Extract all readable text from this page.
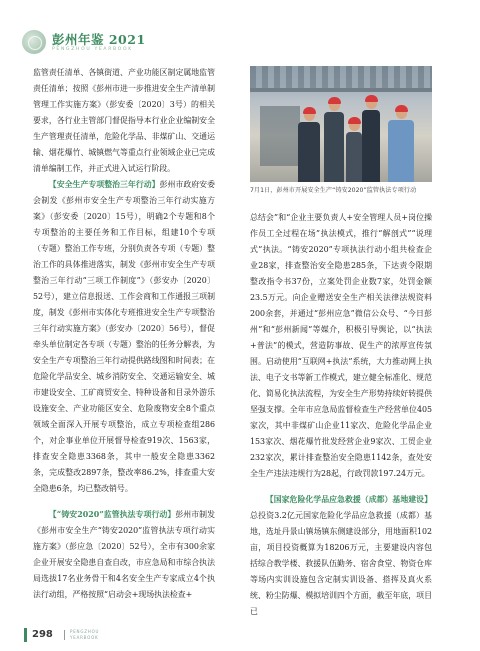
彭州年鉴 2021
PENGZHOU YEARBOOK

监管责任清单、各镇街道、产业功能区制定属地监管责任清单；按照《彭州市进一步推进安全生产清单制管理工作实施方案》（彭安委〔2020〕3号）的相关要求，各行业主管部门督促指导本行业企业编制安全生产管理责任清单，危险化学品、非煤矿山、交通运输、烟花爆竹、城镇燃气等重点行业领域企业已完成清单编制工作，并正式进入试运行阶段。

【安全生产专项整治三年行动】彭州市政府安委会制发《彭州市安全生产专项整治三年行动实施方案》（彭安委〔2020〕15号），明确2个专题和8个专项整治的主要任务和工作目标，组建10个专项（专题）整治工作专班，分别负责各专项（专题）整治工作的具体推进落实，制发《彭州市安全生产专项整治三年行动“三项工作制度”》（彭安办〔2020〕52号），建立信息报送、工作会商和工作通报三项制度，制发《彭州市实体化专班推进安全生产专项整治三年行动实施方案》（彭安办〔2020〕56号），督促牵头单位制定各专项（专题）整治的任务分解表，为安全生产专项整治三年行动提供路线图和时间表；在危险化学品安全、城乡消防安全、交通运输安全、城市建设安全、工矿商贸安全、特种设备和目录外游乐设施安全、产业功能区安全、危险废物安全8个重点领域全面深入开展专项整治，成立专项检查组286个，对企事业单位开展督导检查919次、1563家，排查安全隐患3368条，其中一般安全隐患3362条，完成整改2897条，整改率86.2%，排查重大安全隐患6条，均已整改销号。

【“铸安2020”监管执法专项行动】彭州市制发《彭州市安全生产“铸安2020”监管执法专项行动实施方案》（彭应急〔2020〕52号），全市有300余家企业开展安全隐患自查自改，市应急局和市综合执法局选拔17名业务骨干和4名安全生产专家成立4个执法行动组，严格按照“启动会+现场执法检查+

7月1日，彭州市开展安全生产“铸安2020”监管执法专项行动

总结会”和“企业主要负责人+安全管理人员+岗位操作员工全过程在场”执法模式，推行“解剖式”“说理式”执法。“铸安2020”专项执法行动小组共检查企业28家，排查整治安全隐患285条，下达责令限期整改指令书37份，立案处罚企业数7家，处罚金额23.5万元。向企业赠送安全生产相关法律法规资料200余套，并通过“彭州应急”微信公众号、“今日彭州”和“彭州新闻”等媒介，积极引导舆论，以“执法+普法”的模式，营造防事故、促生产的浓厚宣传氛围。启动使用“互联网+执法”系统，大力推动网上执法、电子文书等新工作模式，建立健全标准化、规范化、简易化执法流程，为安全生产形势持续好转提供坚强支撑。全年市应急局监督检查生产经营单位405家次，其中非煤矿山企业11家次、危险化学品企业153家次、烟花爆竹批发经营企业9家次、工贸企业232家次，累计排查整治安全隐患1142条，查处安全生产违法违规行为28起，行政罚款197.24万元。

【国家危险化学品应急救援（成都）基地建设】总投资3.2亿元国家危险化学品应急救援（成都）基地，选址丹景山镇场镇东侧建设部分，用地面积102亩，项目投资概算为18206万元，主要建设内容包括综合教学楼、救援队伍勤务、宿舍食堂、物资仓库等场内实训设施包含定制实训设备、搭挥及真火系统、粉尘防爆、模拟培训四个方面，截至年底，项目已

298	PENGZHOU
YEARBOOK
